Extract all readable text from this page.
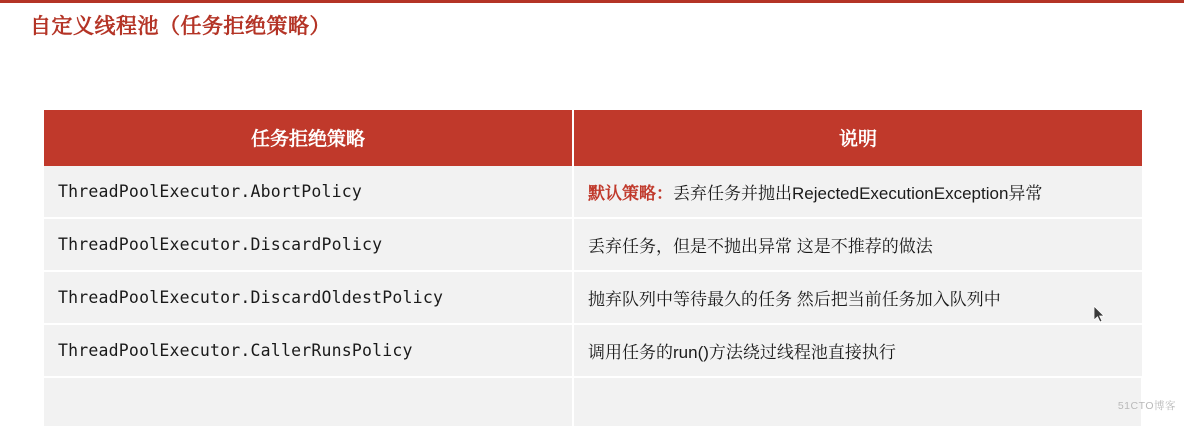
自定义线程池（任务拒绝策略）
任务拒绝策略	说明
ThreadPoolExecutor.AbortPolicy	默认策略：丢弃任务并抛出RejectedExecutionException异常
ThreadPoolExecutor.DiscardPolicy	丢弃任务，但是不抛出异常 这是不推荐的做法
ThreadPoolExecutor.DiscardOldestPolicy	抛弃队列中等待最久的任务 然后把当前任务加入队列中
ThreadPoolExecutor.CallerRunsPolicy	调用任务的run()方法绕过线程池直接执行

51CTO博客
